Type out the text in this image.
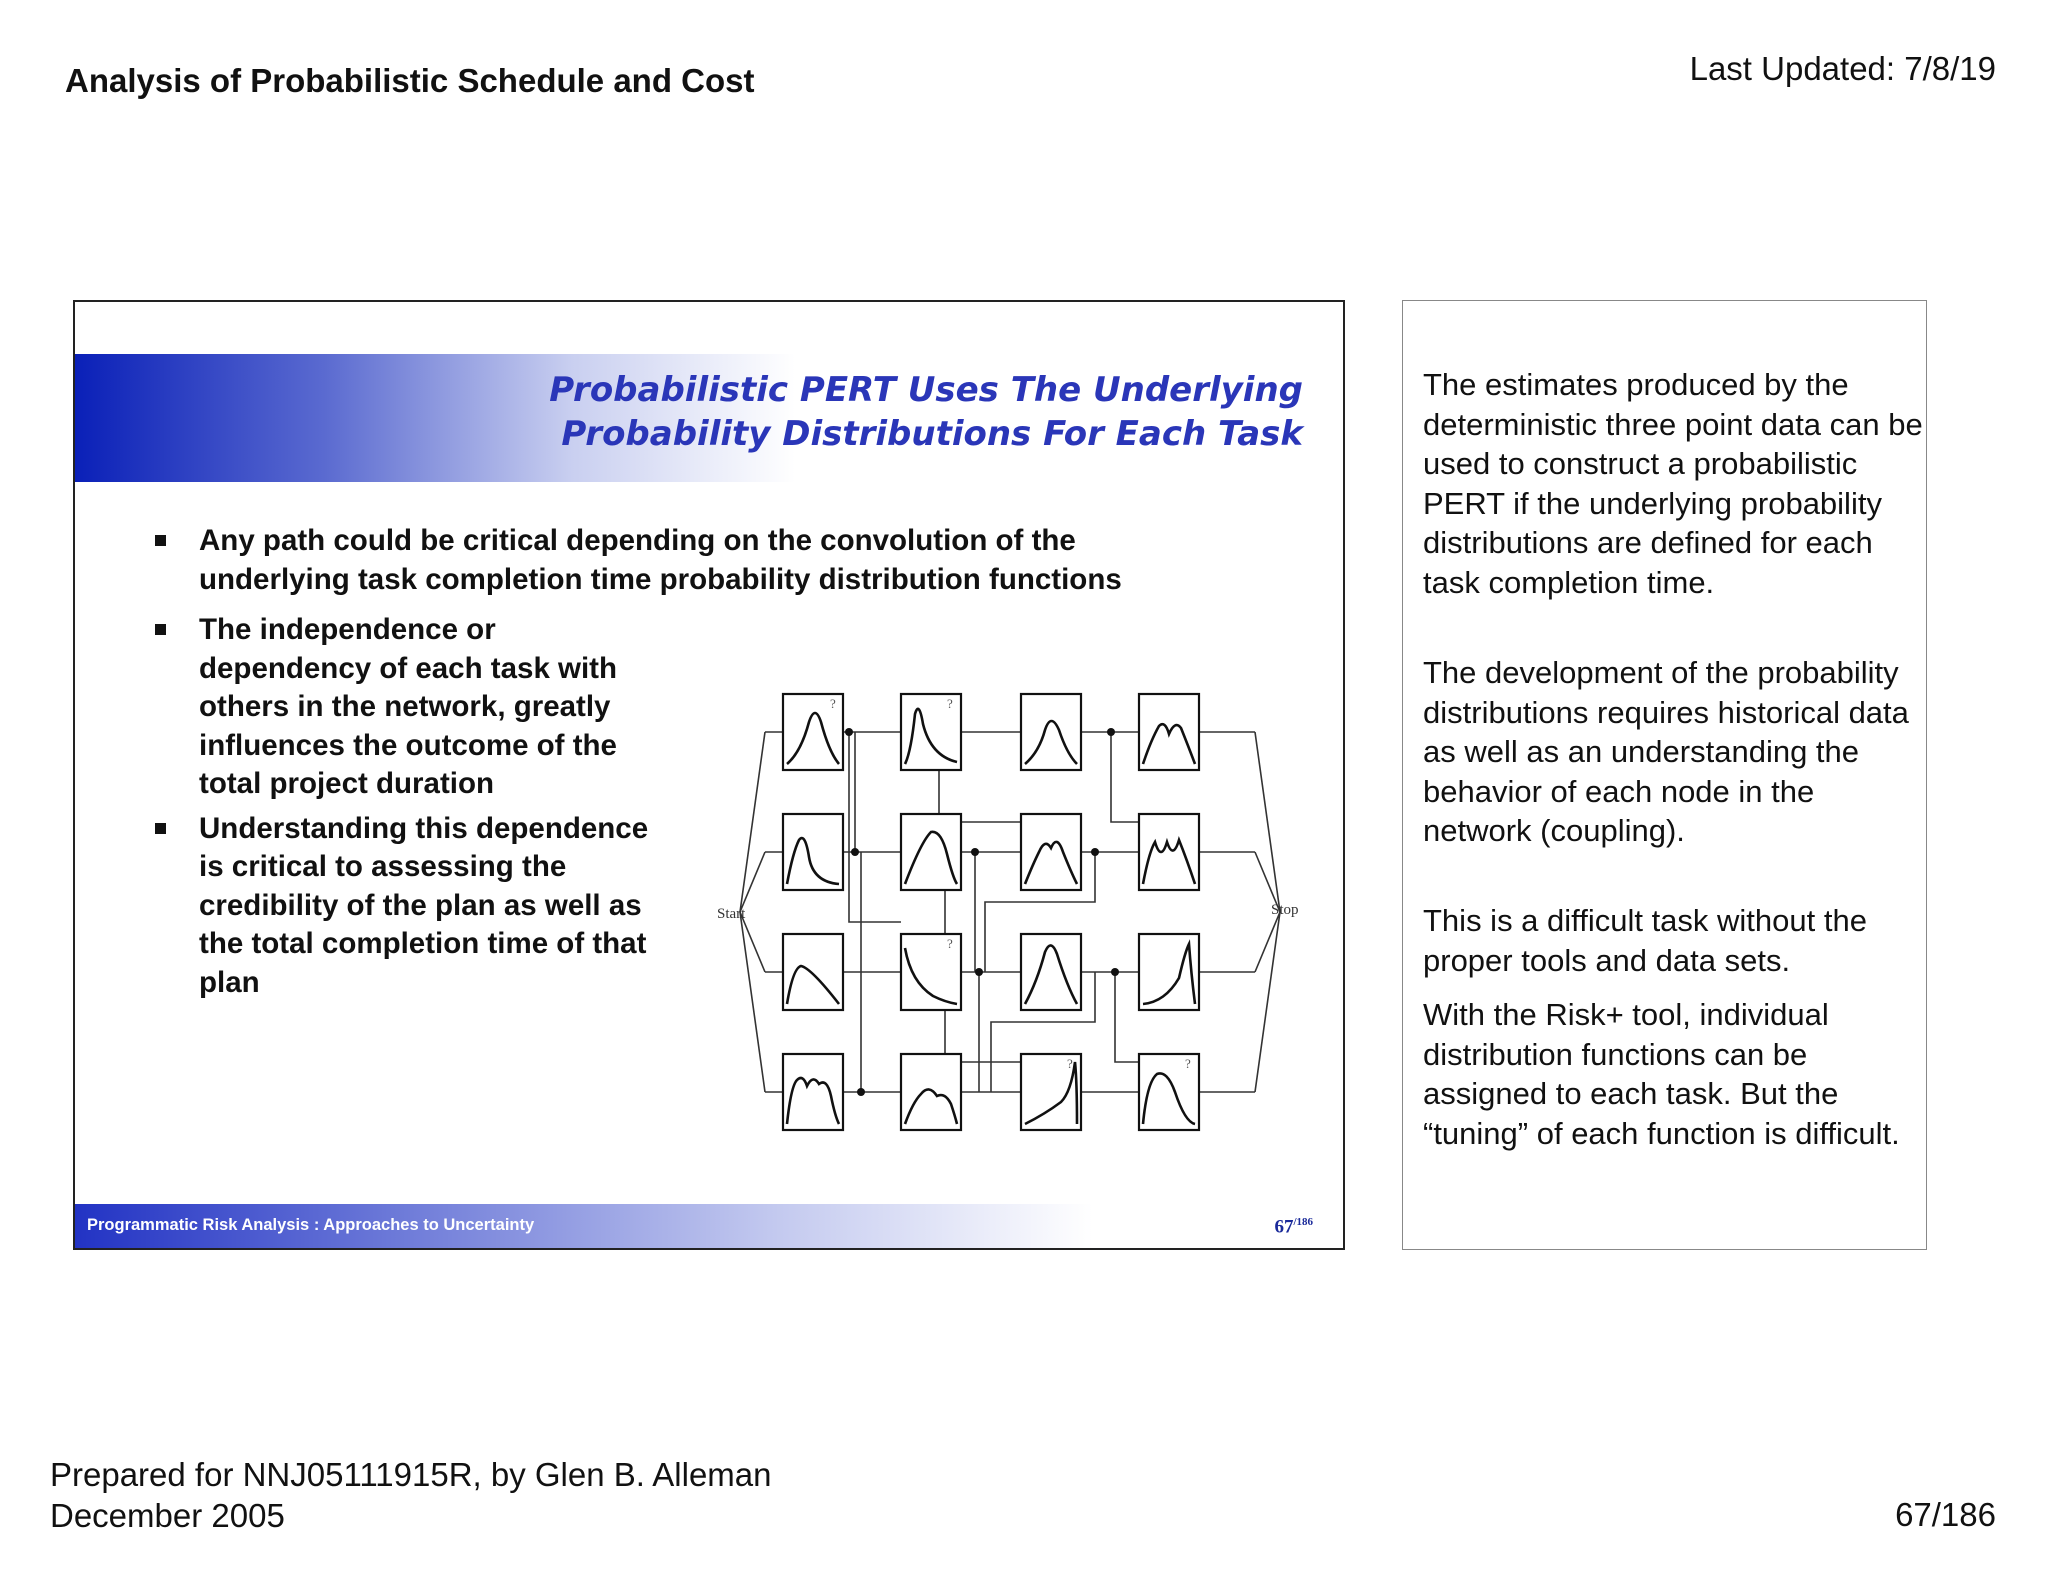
Analysis of Probabilistic Schedule and Cost	Last Updated: 7/8/19
Probabilistic PERT Uses The Underlying
Probability Distributions For Each Task
Any path could be critical depending on the convolution of the underlying task completion time probability distribution functions
The independence or dependency of each task with others in the network, greatly influences the outcome of the total project duration
Understanding this dependence is critical to assessing the credibility of the plan as well as the total completion time of that plan
?	?
?
?	?
Start	Stop
Programmatic Risk Analysis : Approaches to Uncertainty	$67^{/186}$

The estimates produced by the deterministic three point data can be used to construct a probabilistic PERT if the underlying probability distributions are defined for each task completion time.

The development of the probability distributions requires historical data as well as an understanding the behavior of each node in the network (coupling).

This is a difficult task without the proper tools and data sets.

With the Risk+ tool, individual distribution functions can be assigned to each task. But the “tuning” of each function is difficult.

Prepared for NNJ05111915R, by Glen B. Alleman
December 2005	67/186
